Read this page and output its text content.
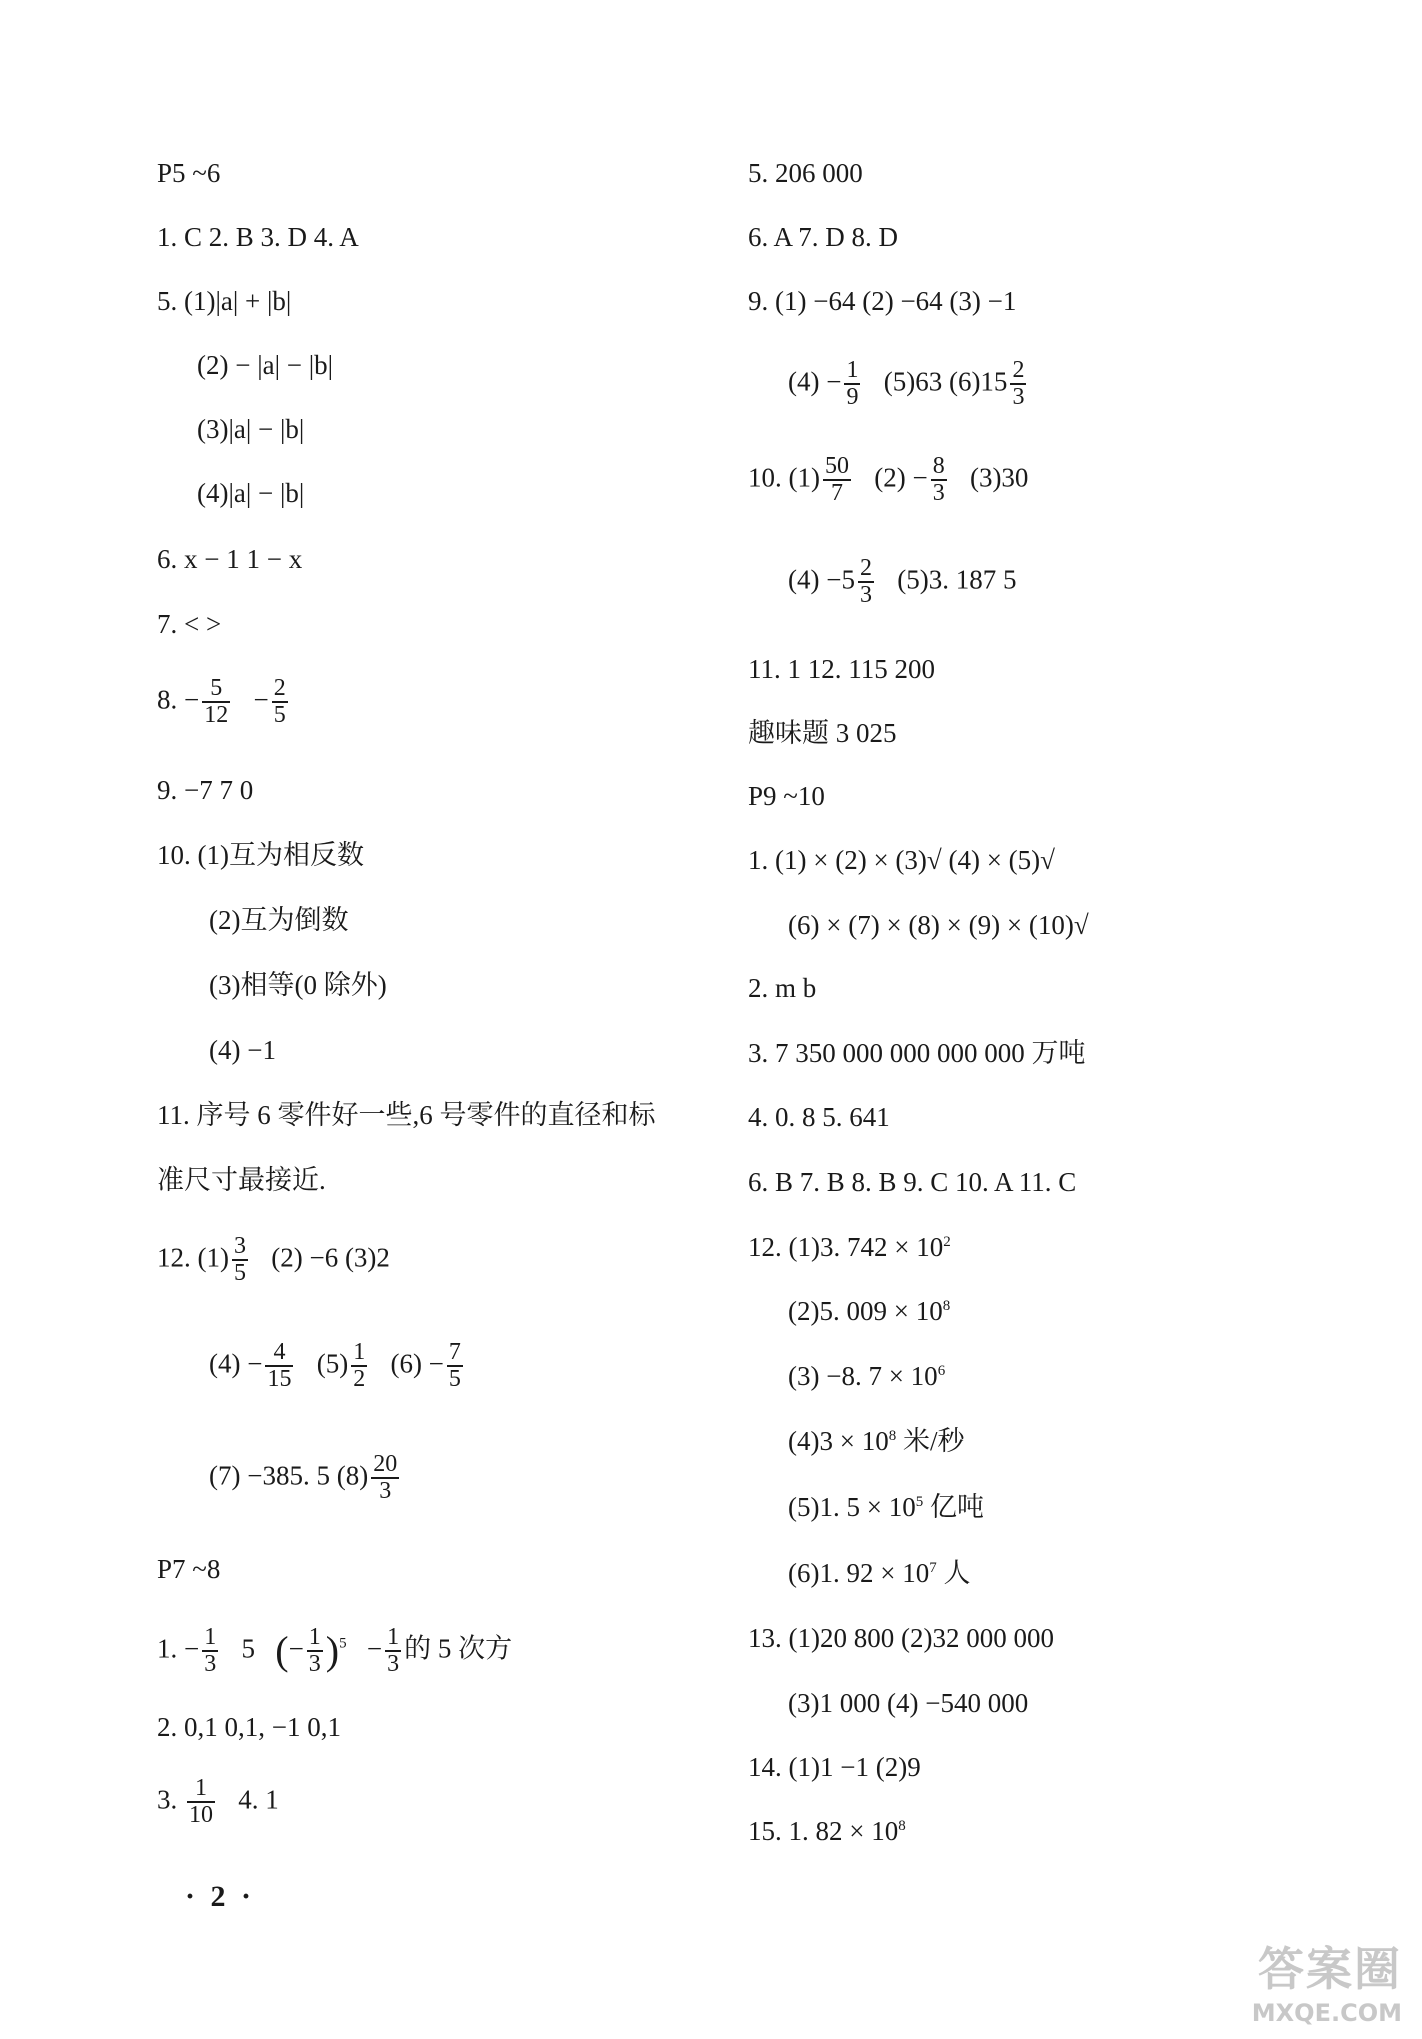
P5 ~6
1. C 2. B 3. D 4. A
5. (1)|a| + |b|
(2) − |a| − |b|
(3)|a| − |b|
(4)|a| − |b|
6. x − 1 1 − x
7. < >
8. − $\frac{5}{12} - \frac{2}{5}$
9. −7 7 0
10. (1)互为相反数
(2)互为倒数
(3)相等(0 除外)
(4) −1
11. 序号 6 零件好一些,6 号零件的直径和标
准尺寸最接近.
12. $(1) \frac{3}{5} (2) -6$ (3)2
$(4) - \frac{4}{15} (5) \frac{1}{2} (6) - \frac{7}{5}$
(7) −385. 5 $(8) \frac{20}{3}$
P7 ~8
1. − $\frac{1}{3} 5$ (− $\frac{1}{3} )^5 - \frac{1}{3}$ 的 5 次方
2. 0,1 0,1, −1 0,1
3. $\frac{1}{10} 4$. 1
5. 206 000
6. A 7. D 8. D
9. (1) −64 (2) −64 (3) −1
$(4) - \frac{1}{9} (5)63$ $(6)15 \frac{2}{3}$
10. $(1) \frac{50}{7} (2) - \frac{8}{3} (3)30$
$(4) -5 \frac{2}{3} (5)3$. 187 5
11. 1 12. 115 200
趣味题 3 025
P9 ~10
1. (1) × (2) × (3)√ (4) × (5)√
(6) × (7) × (8) × (9) × (10)√
2. m b
3. 7 350 000 000 000 000 万吨
4. 0. 8 5. 641
6. B 7. B 8. B 9. C 10. A 11. C
12. (1)3. $742 \times 10^2$
(2)5. $009 \times 10^8$
(3) −8. $7 \times 10^6$
$(4)3 \times 10^8$ 米/秒
(5)1. $5 \times 10^5$ 亿吨
(6)1. $92 \times 10^7$ 人
13. (1)20 800 (2)32 000 000
(3)1 000 (4) −540 000
14. (1)1 −1 (2)9
15. 1. $82 \times 10^8$
· 2 ·
答案圈
MXQE.COM
